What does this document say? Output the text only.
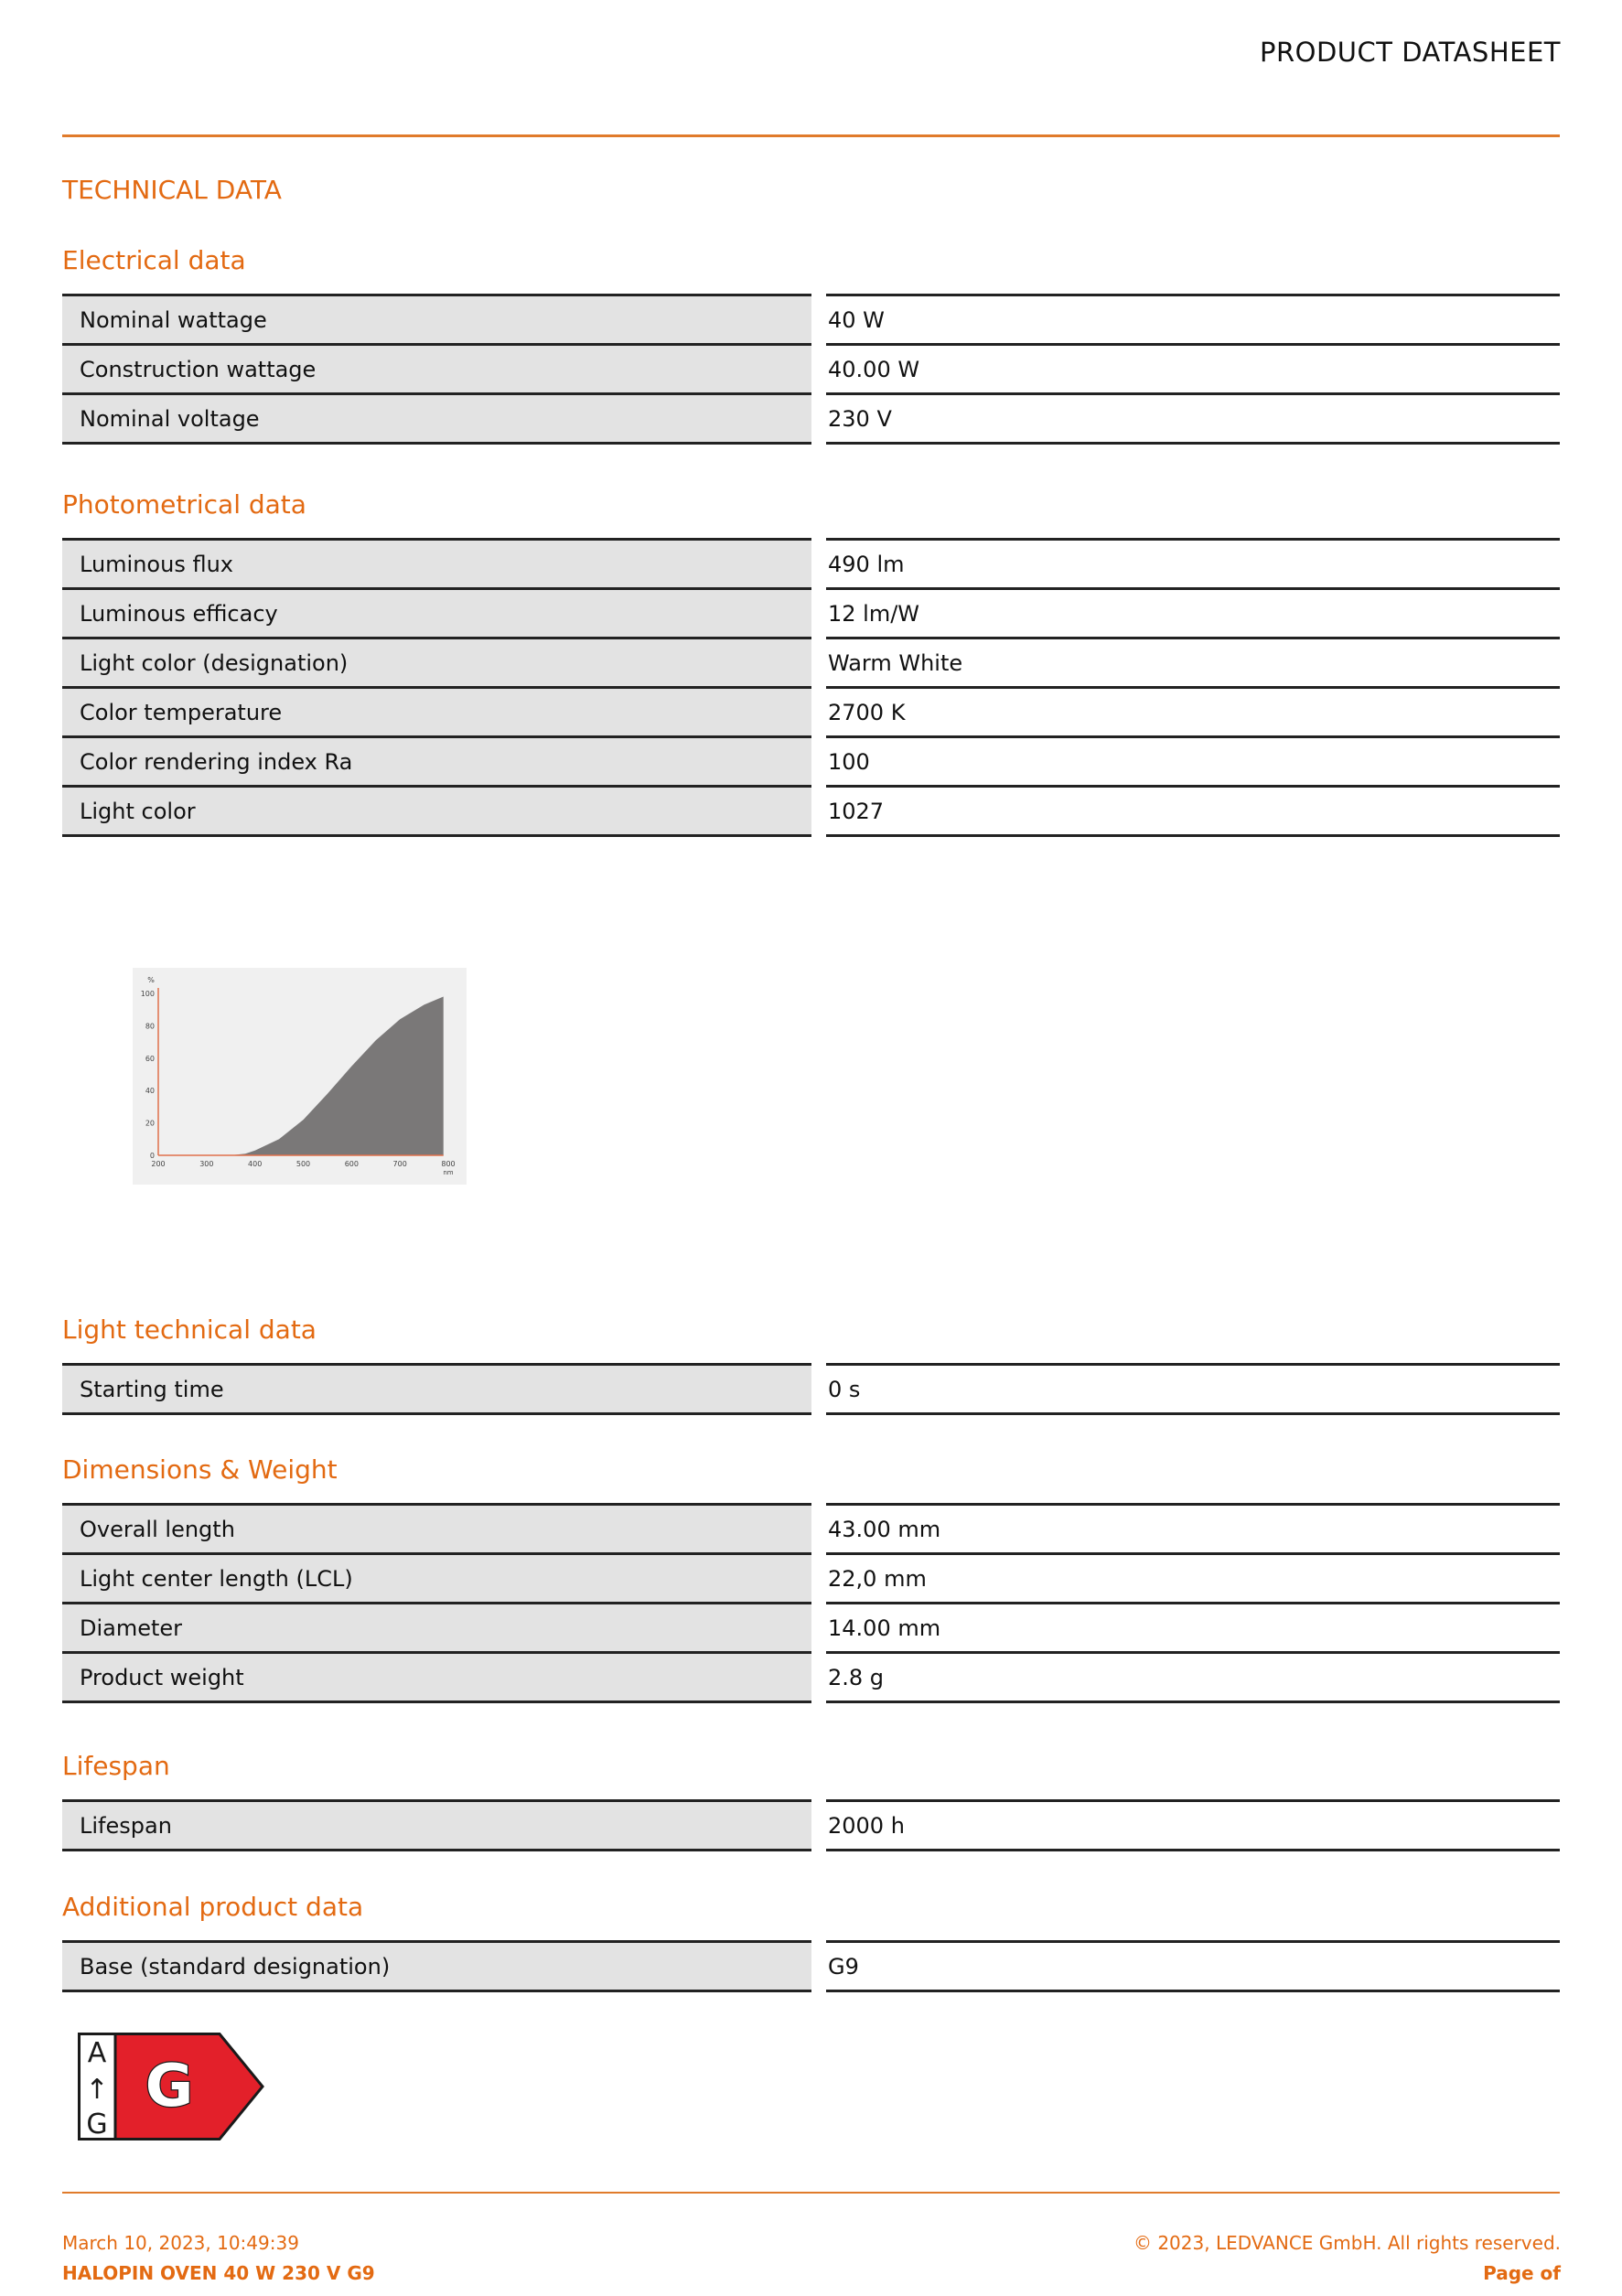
PRODUCT DATASHEET
TECHNICAL DATA
Electrical data
Nominal wattage	40 W
Construction wattage	40.00 W
Nominal voltage	230 V
Photometrical data
Luminous flux	490 lm
Luminous efficacy	12 lm/W
Light color (designation)	Warm White
Color temperature	2700 K
Color rendering index Ra	100
Light color	1027
Light technical data
Starting time	0 s
Dimensions & Weight
Overall length	43.00 mm
Light center length (LCL)	22,0 mm
Diameter	14.00 mm
Product weight	2.8 g
Lifespan
Lifespan	2000 h
Additional product data
Base (standard designation)	G9
%
0
20
40
60
80
100
200	300	400	500	600	700	800
nm
A
↑
G
G
March 10, 2023, 10:49:39
HALOPIN OVEN 40 W 230 V G9
© 2023, LEDVANCE GmbH. All rights reserved.
Page of
